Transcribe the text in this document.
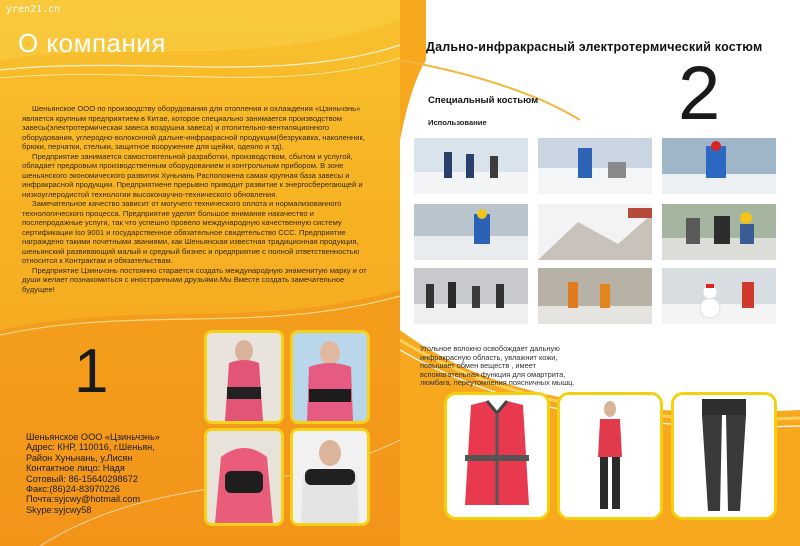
yren21.cn
О компания

Шеньянское ООО по производству оборудования для отопления и охлаждения «Цзиньчэнь» является крупным предприятием в Китае, которое специально занимается производством завесы(электротермическая завеса воздушна завеса) и отопительно-вентиляционного оборудования, углеродно-волоконной дальне-инфракрасной продукции(безрукавка, наколенник, брюки, перчатки, стельки, защитное вооружение для щейки, одеяло и тд).

Предприятие занимается самостоятельной разработки, производством, сбытом и услугой, обладает предровым производственным оборудованием и контрольным прибором. В зоне шеньянского экономического развития Хуньнань Расположена самая крупная база завесы и инфракрасной продукции. Предприятиене прерывно приводит развитие к энергосберегающей и низкоуглеродистой технологии высоконаучно-технического обновления.

Замечательное качество зависит от могучего технического оплота и нормализованного технологического процесса. Предприятие уделят большое внимание накачество и послепродажные услуги, так что успешно провело международную качественную систему сертификации Iso 9001 и государственное обязательное свидетельство CCC. Предприятие награждено такими почетными званиями, как Шеньянская известная традиционная продукция, шеньянский развивающий малый и средный бизнес и предприятие с полной ответственностью относится к Контрактам и обязательствам.

Предприятие Цзиньчэнь постоянно старается создать международную знаменитую марку и от души желает познакомиться с иностранными друзьями.Мы Вместе создать замечательное будущее!

1
Шеньянское ООО «Цзиньчэнь»
Адрес: КНР, 110016, г.Шеньян,
Район Хуньнань, у.Лисян
Контактное лицо: Надя
Сотовый: 86-15640298672
Факс:(86)24-83970226
Почта:syjcwy@hotmail.com
Skype:syjcwy58
Дально-инфракрасный электротермический костюм
2
Специальный костьюм
Использование
Угольное волокно освобождает дальную
инфракрасную область, увлажнит кожи,
повышает обмен веществ , имеет
вспомагательная функция для омартрита,
люмбага, переутомления поясничных мышц.
